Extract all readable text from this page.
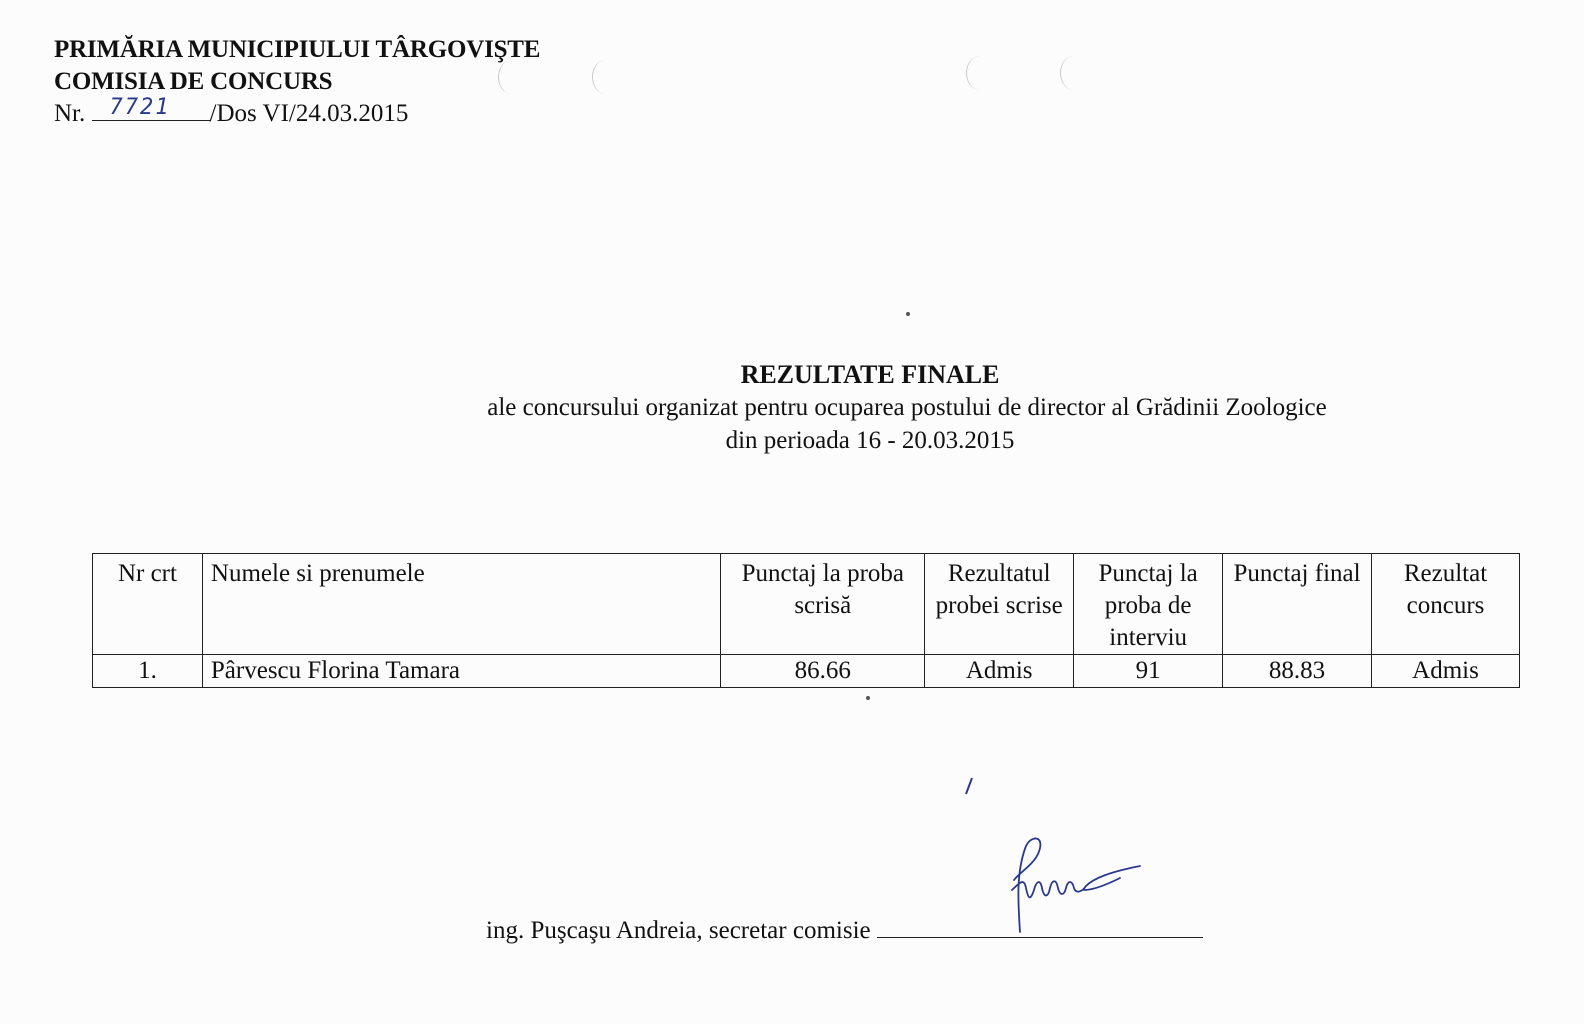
PRIMĂRIA MUNICIPIULUI TÂRGOVIŞTE
COMISIA DE CONCURS
Nr. 7721 /Dos VI/24.03.2015
REZULTATE FINALE
ale concursului organizat pentru ocuparea postului de director al Grădinii Zoologice
din perioada 16 - 20.03.2015
Nr crt	Numele si prenumele	Punctaj la proba scrisă	Rezultatul probei scrise	Punctaj la proba de interviu	Punctaj final	Rezultat concurs
1.	Pârvescu Florina Tamara	86.66	Admis	91	88.83	Admis
ing. Puşcaşu Andreia, secretar comisie
